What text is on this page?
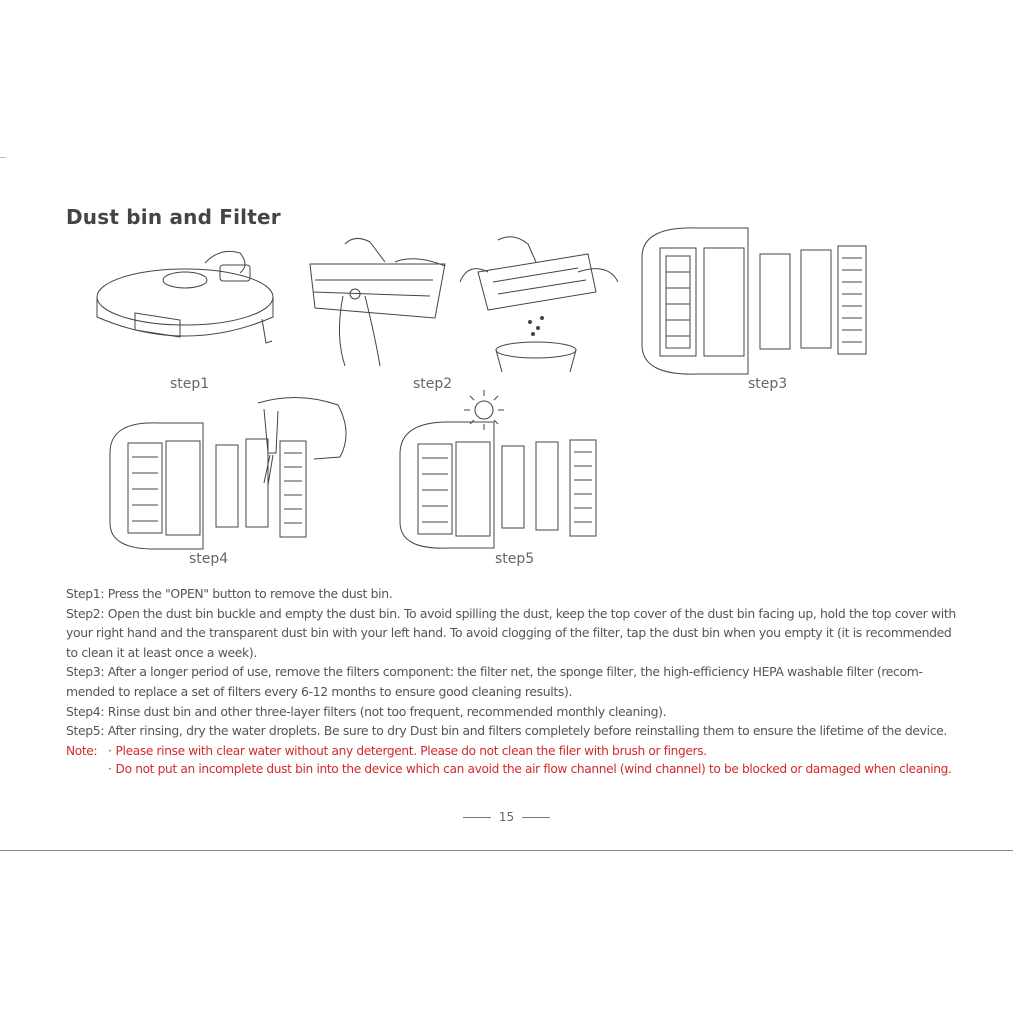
Dust bin and Filter
step1	step2	step3
step4	step5

Step1: Press the "OPEN" button to remove the dust bin.

Step2: Open the dust bin buckle and empty the dust bin. To avoid spilling the dust, keep the top cover of the dust bin facing up, hold the top cover with your right hand and the transparent dust bin with your left hand. To avoid clogging of the filter, tap the dust bin when you empty it (it is recommended to clean it at least once a week).

Step3: After a longer period of use, remove the filters component: the filter net, the sponge filter, the high-efficiency HEPA washable filter (recom-mended to replace a set of filters every 6-12 months to ensure good cleaning results).

Step4: Rinse dust bin and other three-layer filters (not too frequent, recommended monthly cleaning).

Step5: After rinsing, dry the water droplets. Be sure to dry Dust bin and filters completely before reinstalling them to ensure the lifetime of the device.

Note: · Please rinse with clear water without any detergent. Please do not clean the filer with brush or fingers.
· Do not put an incomplete dust bin into the device which can avoid the air flow channel (wind channel) to be blocked or damaged when cleaning.
15
